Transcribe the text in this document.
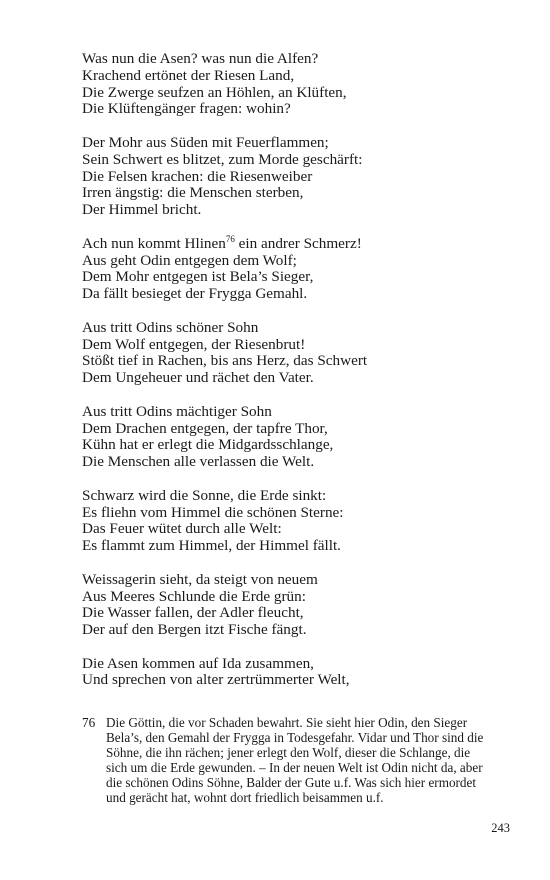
Was nun die Asen? was nun die Alfen?
Krachend ertönet der Riesen Land,
Die Zwerge seufzen an Höhlen, an Klüften,
Die Klüftengänger fragen: wohin?
Der Mohr aus Süden mit Feuerflammen;
Sein Schwert es blitzet, zum Morde geschärft:
Die Felsen krachen: die Riesenweiber
Irren ängstig: die Menschen sterben,
Der Himmel bricht.
Ach nun kommt Hlinen$^{76}$ ein andrer Schmerz!
Aus geht Odin entgegen dem Wolf;
Dem Mohr entgegen ist Bela’s Sieger,
Da fällt besieget der Frygga Gemahl.
Aus tritt Odins schöner Sohn
Dem Wolf entgegen, der Riesenbrut!
Stößt tief in Rachen, bis ans Herz, das Schwert
Dem Ungeheuer und rächet den Vater.
Aus tritt Odins mächtiger Sohn
Dem Drachen entgegen, der tapfre Thor,
Kühn hat er erlegt die Midgardsschlange,
Die Menschen alle verlassen die Welt.
Schwarz wird die Sonne, die Erde sinkt:
Es fliehn vom Himmel die schönen Sterne:
Das Feuer wütet durch alle Welt:
Es flammt zum Himmel, der Himmel fällt.
Weissagerin sieht, da steigt von neuem
Aus Meeres Schlunde die Erde grün:
Die Wasser fallen, der Adler fleucht,
Der auf den Bergen itzt Fische fängt.
Die Asen kommen auf Ida zusammen,
Und sprechen von alter zertrümmerter Welt,
76 Die Göttin, die vor Schaden bewahrt. Sie sieht hier Odin, den Sieger
Bela’s, den Gemahl der Frygga in Todesgefahr. Vidar und Thor sind die
Söhne, die ihn rächen; jener erlegt den Wolf, dieser die Schlange, die
sich um die Erde gewunden. – In der neuen Welt ist Odin nicht da, aber
die schönen Odins Söhne, Balder der Gute u.f. Was sich hier ermordet
und gerächt hat, wohnt dort friedlich beisammen u.f.
243
